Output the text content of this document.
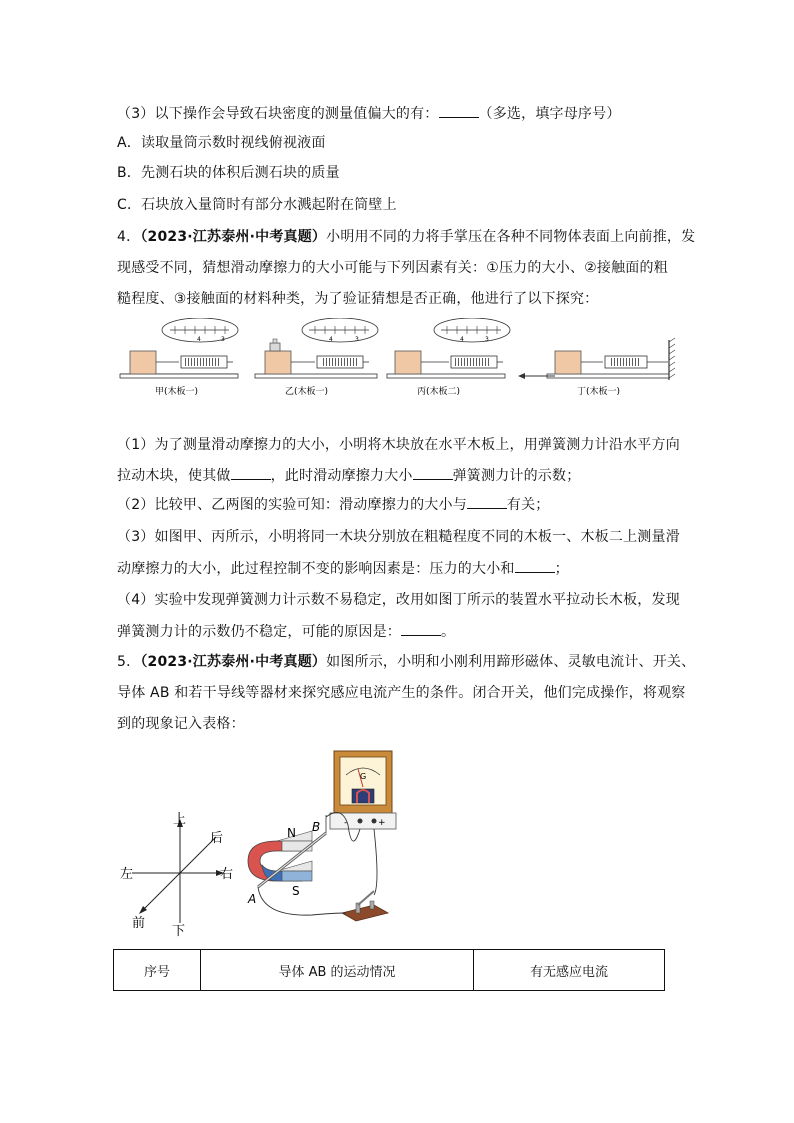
（3）以下操作会导致石块密度的测量值偏大的有：	（多选，填字母序号）
A．读取量筒示数时视线俯视液面
B．先测石块的体积后测石块的质量
C．石块放入量筒时有部分水溅起附在筒壁上
4．（2023·江苏泰州·中考真题）小明用不同的力将手掌压在各种不同物体表面上向前推，发
现感受不同，猜想滑动摩擦力的大小可能与下列因素有关：①压力的大小、②接触面的粗
糙程度、③接触面的材料种类，为了验证猜想是否正确，他进行了以下探究：
4	3
甲(木板一)
4	3
乙(木板一)
4	3
丙(木板二)	丁(木板一)
（1）为了测量滑动摩擦力的大小，小明将木块放在水平木板上，用弹簧测力计沿水平方向
拉动木块，使其做	，此时滑动摩擦力大小	弹簧测力计的示数；
（2）比较甲、乙两图的实验可知：滑动摩擦力的大小与	有关；
（3）如图甲、丙所示，小明将同一木块分别放在粗糙程度不同的木板一、木板二上测量滑
动摩擦力的大小，此过程控制不变的影响因素是：压力的大小和	；
（4）实验中发现弹簧测力计示数不易稳定，改用如图丁所示的装置水平拉动长木板，发现
弹簧测力计的示数仍不稳定，可能的原因是：	。
5．（2023·江苏泰州·中考真题）如图所示，小明和小刚利用蹄形磁体、灵敏电流计、开关、
导体 AB 和若干导线等器材来探究感应电流产生的条件。闭合开关，他们完成操作，将观察
到的现象记入表格：
上
下
左	右
后
前
N
S
A
B
G
-	+
序号	导体 AB 的运动情况	有无感应电流
